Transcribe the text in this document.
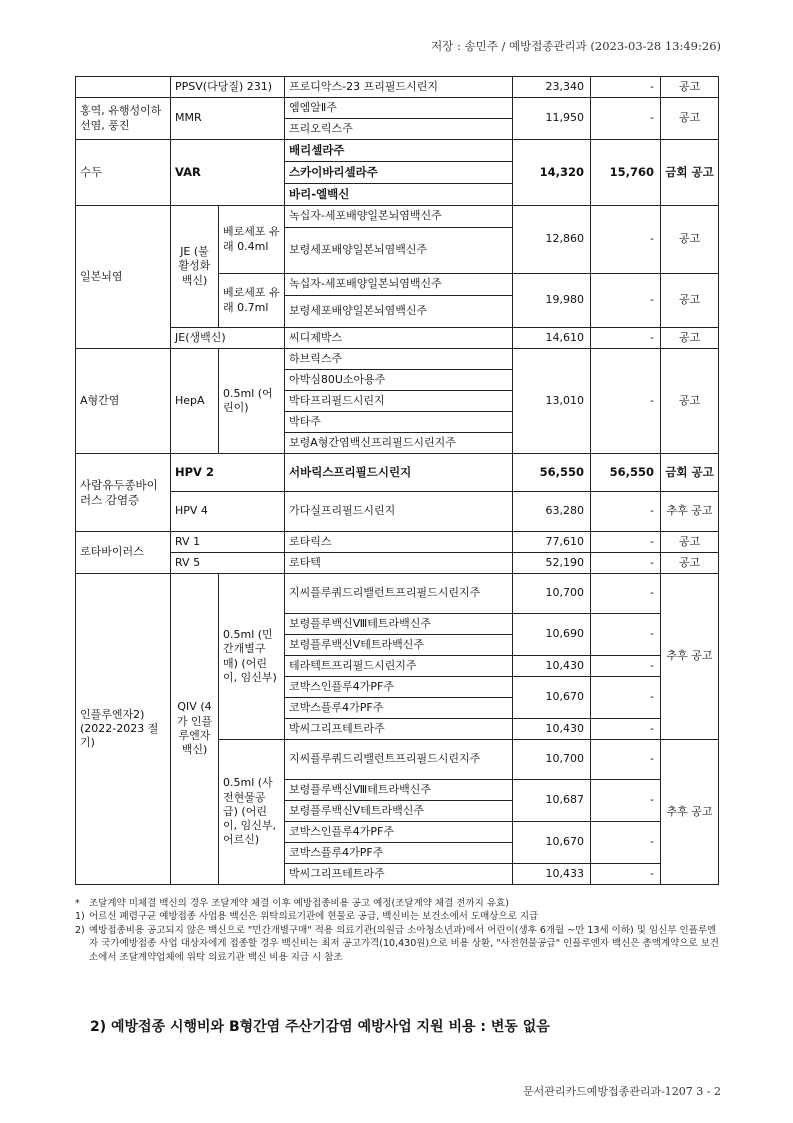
저장 : 송민주 / 예방접종관리과 (2023-03-28 13:49:26)
	PPSV(다당질) 231)		프로디악스-23 프리필드시린지	23,340	-	공고
홍역, 유행성이하선염, 풍진	MMR		엠엠알Ⅱ주	11,950	-	공고
			프리오릭스주			
수두	VAR		배리셀라주	14,320	15,760	금회 공고
			스카이바리셀라주			
			바리-엘백신			
일본뇌염	JE (불활성화 백신)	베로세포 유래 0.4ml	녹십자-세포배양일본뇌염백신주	12,860	-	공고
			보령세포배양일본뇌염백신주			
		베로세포 유래 0.7ml	녹십자-세포배양일본뇌염백신주	19,980	-	공고
			보령세포배양일본뇌염백신주			
	JE(생백신)		씨디제박스	14,610	-	공고
A형간염	HepA	0.5ml (어린이)	하브릭스주	13,010	-	공고
			아박심80U소아용주			
			박타프리필드시린지			
			박타주			
			보령A형간염백신프리필드시린지주			
사람유두종바이러스 감염증	HPV 2		서바릭스프리필드시린지	56,550	56,550	금회 공고
	HPV 4		가다실프리필드시린지	63,280	-	추후 공고
로타바이러스	RV 1		로타릭스	77,610	-	공고
	RV 5		로타텍	52,190	-	공고
인플루엔자2) (2022-2023 절기)	QIV (4가 인플루엔자 백신)	0.5ml (민간개별구매) (어린이, 임신부)	지씨플루쿼드리밸런트프리필드시린지주	10,700	-	추후 공고
			보령플루백신Ⅷ테트라백신주	10,690	-	
			보령플루백신Ⅴ테트라백신주			
			테라텍트프리필드시린지주	10,430	-	
			코박스인플루4가PF주	10,670	-	
			코박스플루4가PF주			
			박씨그리프테트라주	10,430	-	
		0.5ml (사전현물공급) (어린이, 임신부, 어르신)	지씨플루쿼드리밸런트프리필드시린지주	10,700	-	추후 공고
			보령플루백신Ⅷ테트라백신주	10,687	-	
			보령플루백신Ⅴ테트라백신주			
			코박스인플루4가PF주	10,670	-	
			코박스플루4가PF주			
			박씨그리프테트라주	10,433	-	
* 조달계약 미체결 백신의 경우 조달계약 체결 이후 예방접종비용 공고 예정(조달계약 체결 전까지 유효)
1) 어르신 폐렴구균 예방접종 사업용 백신은 위탁의료기관에 현물로 공급, 백신비는 보건소에서 도매상으로 지급
2) 예방접종비용 공고되지 않은 백신으로 "민간개별구매" 적용 의료기관(의원급 소아청소년과)에서 어린이(생후 6개월 ~만 13세 이하) 및 임신부 인플루엔자 국가예방접종 사업 대상자에게 접종할 경우 백신비는 최저 공고가격(10,430원)으로 비용 상환, "사전현물공급" 인플루엔자 백신은 총액계약으로 보건소에서 조달계약업체에 위탁 의료기관 백신 비용 지급 시 참조
2) 예방접종 시행비와 B형간염 주산기감염 예방사업 지원 비용 : 변동 없음
문서관리카드예방접종관리과-1207 3 - 2
